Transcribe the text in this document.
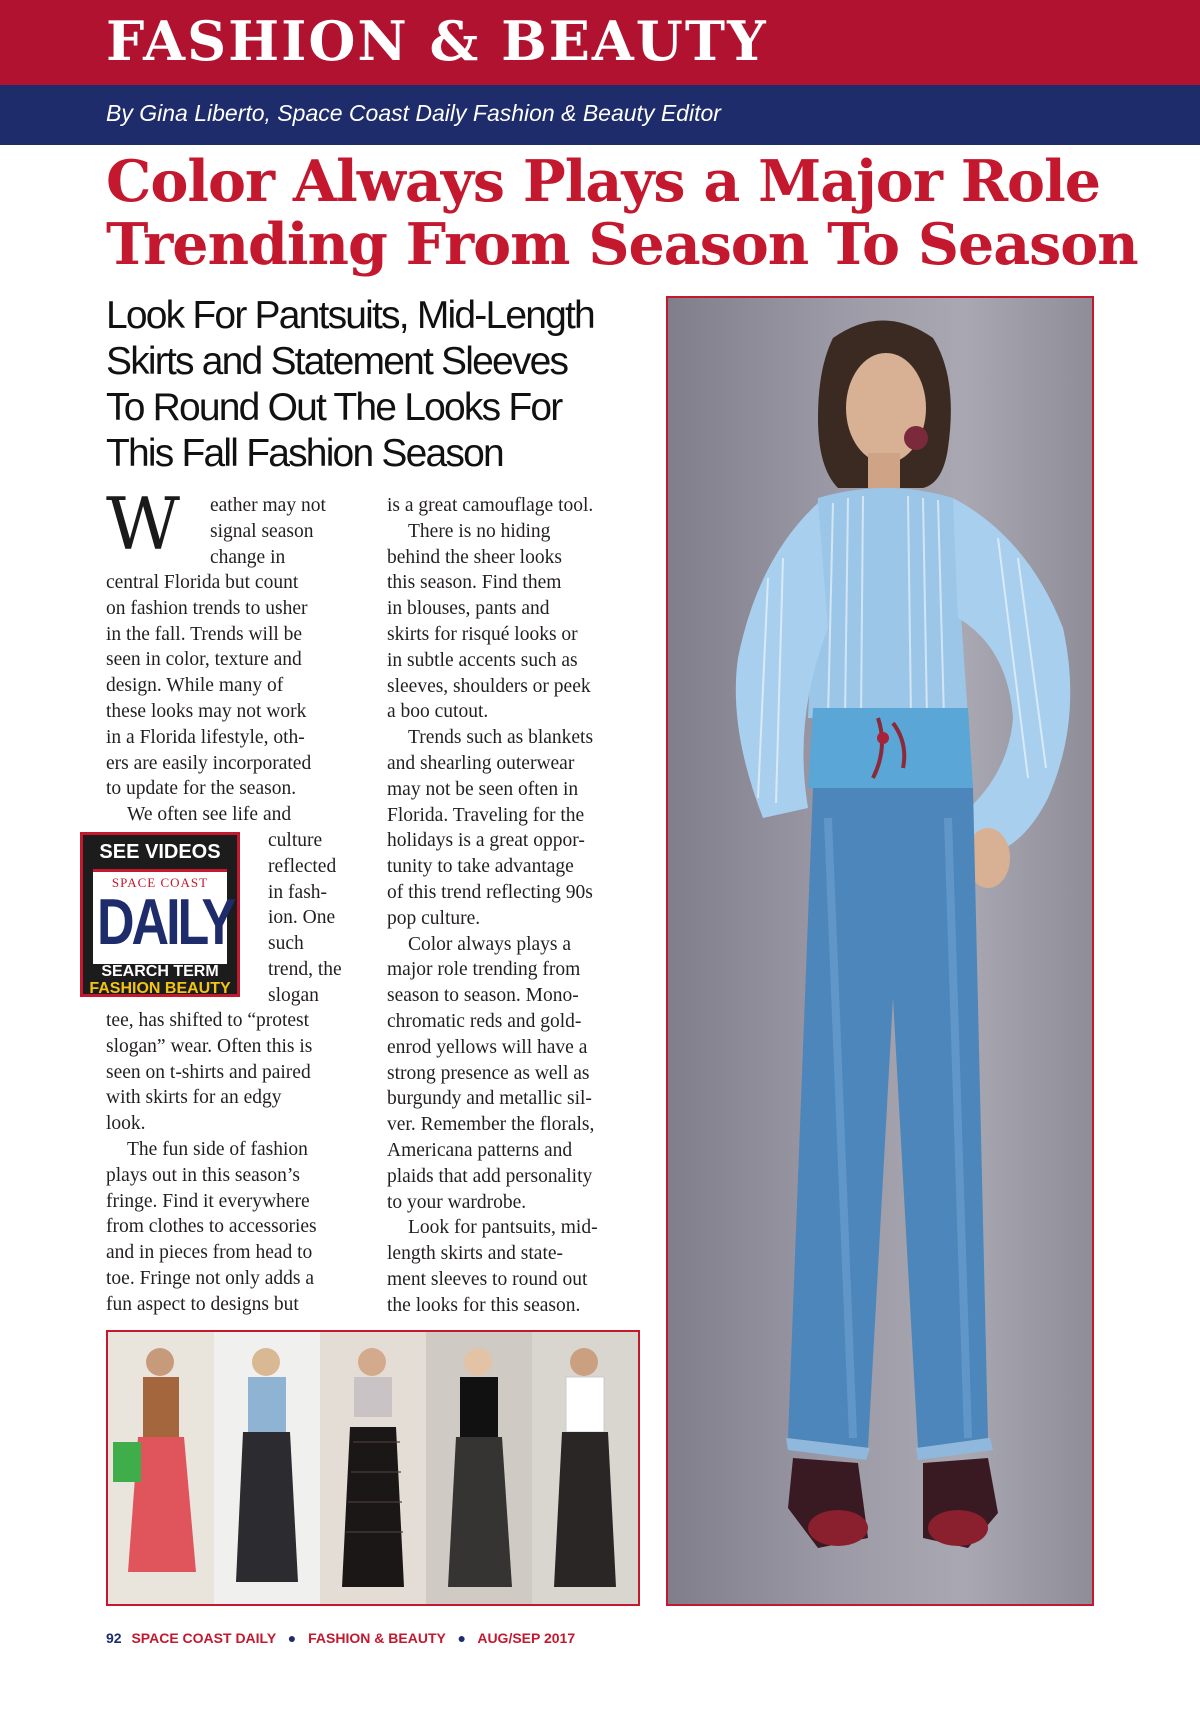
FASHION & BEAUTY
By Gina Liberto, Space Coast Daily Fashion & Beauty Editor
Color Always Plays a Major Role
Trending From Season To Season
Look For Pantsuits, Mid-Length
Skirts and Statement Sleeves
To Round Out The Looks For
This Fall Fashion Season
W eather may not
signal season
change in
central Florida but count
on fashion trends to usher
in the fall. Trends will be
seen in color, texture and
design. While many of
these looks may not work
in a Florida lifestyle, oth-
ers are easily incorporated
to update for the season.
We often see life and
SEE VIDEOS
SPACE COAST
DAILY
SEARCH TERM
FASHION BEAUTY
culture
reflected
in fash-
ion. One
such
trend, the
slogan
tee, has shifted to “protest
slogan” wear. Often this is
seen on t-shirts and paired
with skirts for an edgy
look.
The fun side of fashion
plays out in this season’s
fringe. Find it everywhere
from clothes to accessories
and in pieces from head to
toe. Fringe not only adds a
fun aspect to designs but
is a great camouflage tool.
There is no hiding
behind the sheer looks
this season. Find them
in blouses, pants and
skirts for risqué looks or
in subtle accents such as
sleeves, shoulders or peek
a boo cutout.
Trends such as blankets
and shearling outerwear
may not be seen often in
Florida. Traveling for the
holidays is a great oppor-
tunity to take advantage
of this trend reflecting 90s
pop culture.
Color always plays a
major role trending from
season to season. Mono-
chromatic reds and gold-
enrod yellows will have a
strong presence as well as
burgundy and metallic sil-
ver. Remember the florals,
Americana patterns and
plaids that add personality
to your wardrobe.
Look for pantsuits, mid-
length skirts and state-
ment sleeves to round out
the looks for this season.
92 SPACE COAST DAILY ● FASHION & BEAUTY ● AUG/SEP 2017
